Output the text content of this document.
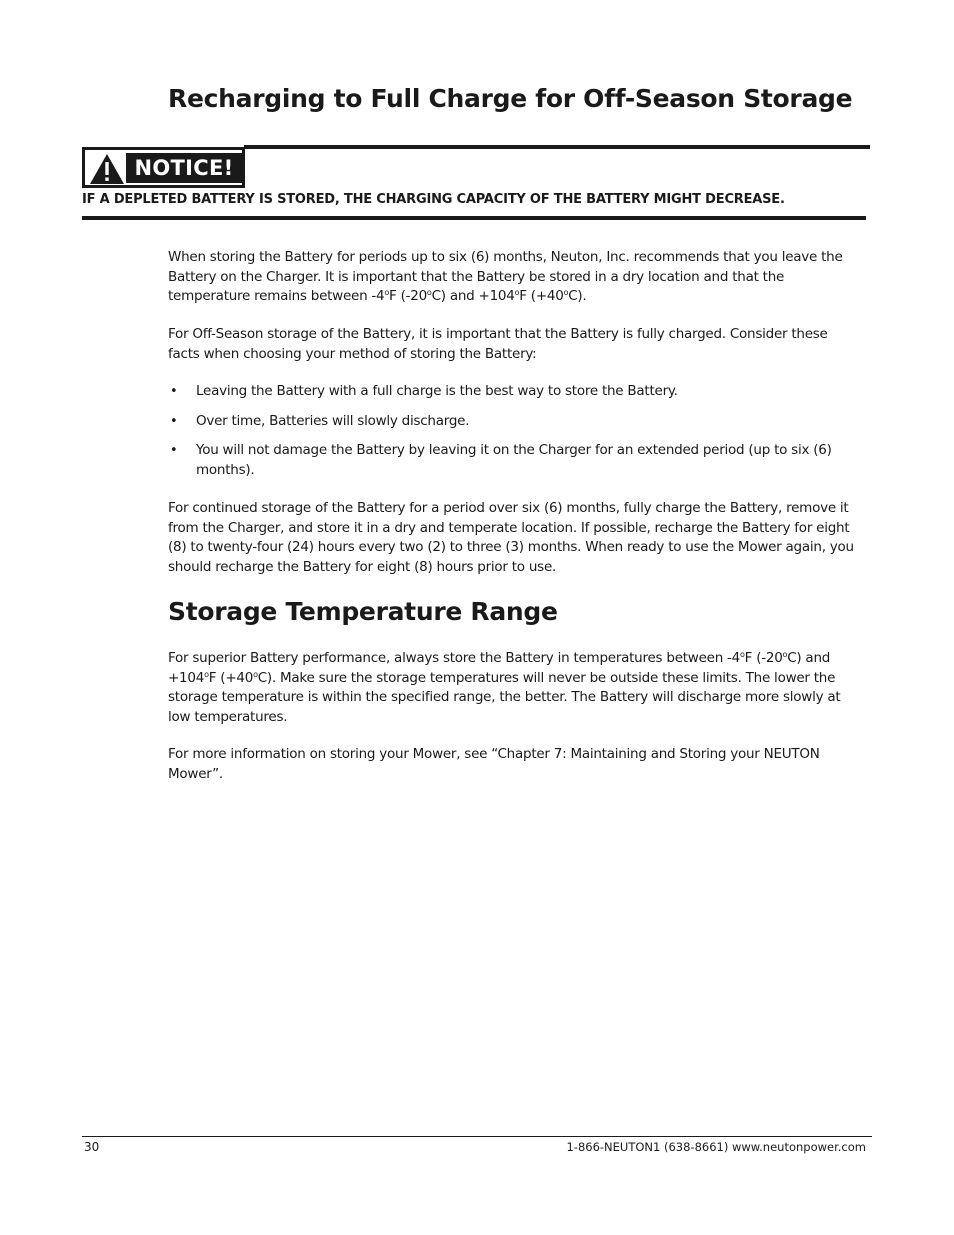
Recharging to Full Charge for Off-Season Storage
NOTICE!

IF A DEPLETED BATTERY IS STORED, THE CHARGING CAPACITY OF THE BATTERY MIGHT DECREASE.

When storing the Battery for periods up to six (6) months, Neuton, Inc. recommends that you leave the Battery on the Charger. It is important that the Battery be stored in a dry location and that the temperature remains between -4$^o$F (-20$^o$C) and $+104^oF$ $(+40^oC)$.

For Off-Season storage of the Battery, it is important that the Battery is fully charged. Consider these facts when choosing your method of storing the Battery:

• Leaving the Battery with a full charge is the best way to store the Battery.
• Over time, Batteries will slowly discharge.
• You will not damage the Battery by leaving it on the Charger for an extended period (up to six (6) months).

For continued storage of the Battery for a period over six (6) months, fully charge the Battery, remove it from the Charger, and store it in a dry and temperate location. If possible, recharge the Battery for eight (8) to twenty-four (24) hours every two (2) to three (3) months. When ready to use the Mower again, you should recharge the Battery for eight (8) hours prior to use.

Storage Temperature Range

For superior Battery performance, always store the Battery in temperatures between -4$^o$F (-20$^o$C) and $+104^oF$ $(+40^oC)$. Make sure the storage temperatures will never be outside these limits. The lower the storage temperature is within the specified range, the better. The Battery will discharge more slowly at low temperatures.

For more information on storing your Mower, see “Chapter 7: Maintaining and Storing your NEUTON Mower”.

30	1-866-NEUTON1 (638-8661) www.neutonpower.com
